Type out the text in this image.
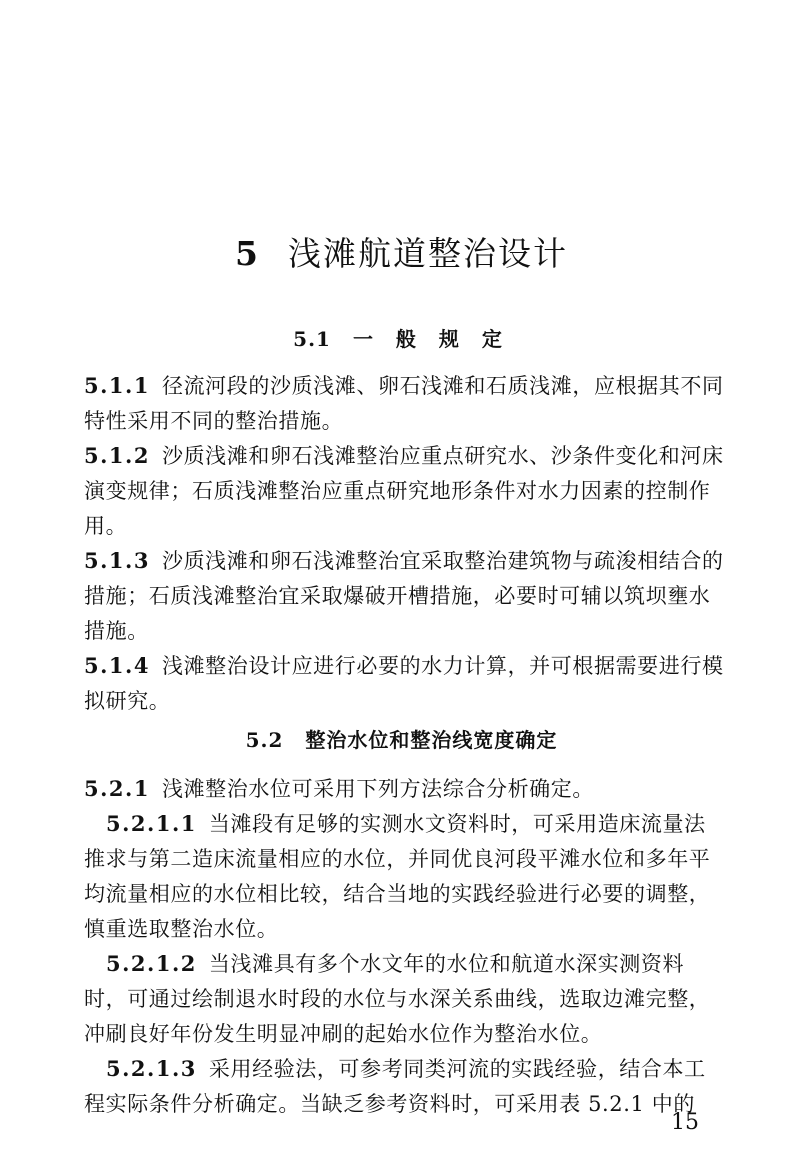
5 浅滩航道整治设计
5.1 一 般 规 定
5.1.1 径流河段的沙质浅滩、卵石浅滩和石质浅滩，应根据其不同特性采用不同的整治措施。
5.1.2 沙质浅滩和卵石浅滩整治应重点研究水、沙条件变化和河床演变规律；石质浅滩整治应重点研究地形条件对水力因素的控制作用。
5.1.3 沙质浅滩和卵石浅滩整治宜采取整治建筑物与疏浚相结合的措施；石质浅滩整治宜采取爆破开槽措施，必要时可辅以筑坝壅水措施。
5.1.4 浅滩整治设计应进行必要的水力计算，并可根据需要进行模拟研究。
5.2 整治水位和整治线宽度确定
5.2.1 浅滩整治水位可采用下列方法综合分析确定。
5.2.1.1 当滩段有足够的实测水文资料时，可采用造床流量法推求与第二造床流量相应的水位，并同优良河段平滩水位和多年平均流量相应的水位相比较，结合当地的实践经验进行必要的调整，慎重选取整治水位。
5.2.1.2 当浅滩具有多个水文年的水位和航道水深实测资料时，可通过绘制退水时段的水位与水深关系曲线，选取边滩完整，冲刷良好年份发生明显冲刷的起始水位作为整治水位。
5.2.1.3 采用经验法，可参考同类河流的实践经验，结合本工程实际条件分析确定。当缺乏参考资料时，可采用表 5.2.1 中的
15
